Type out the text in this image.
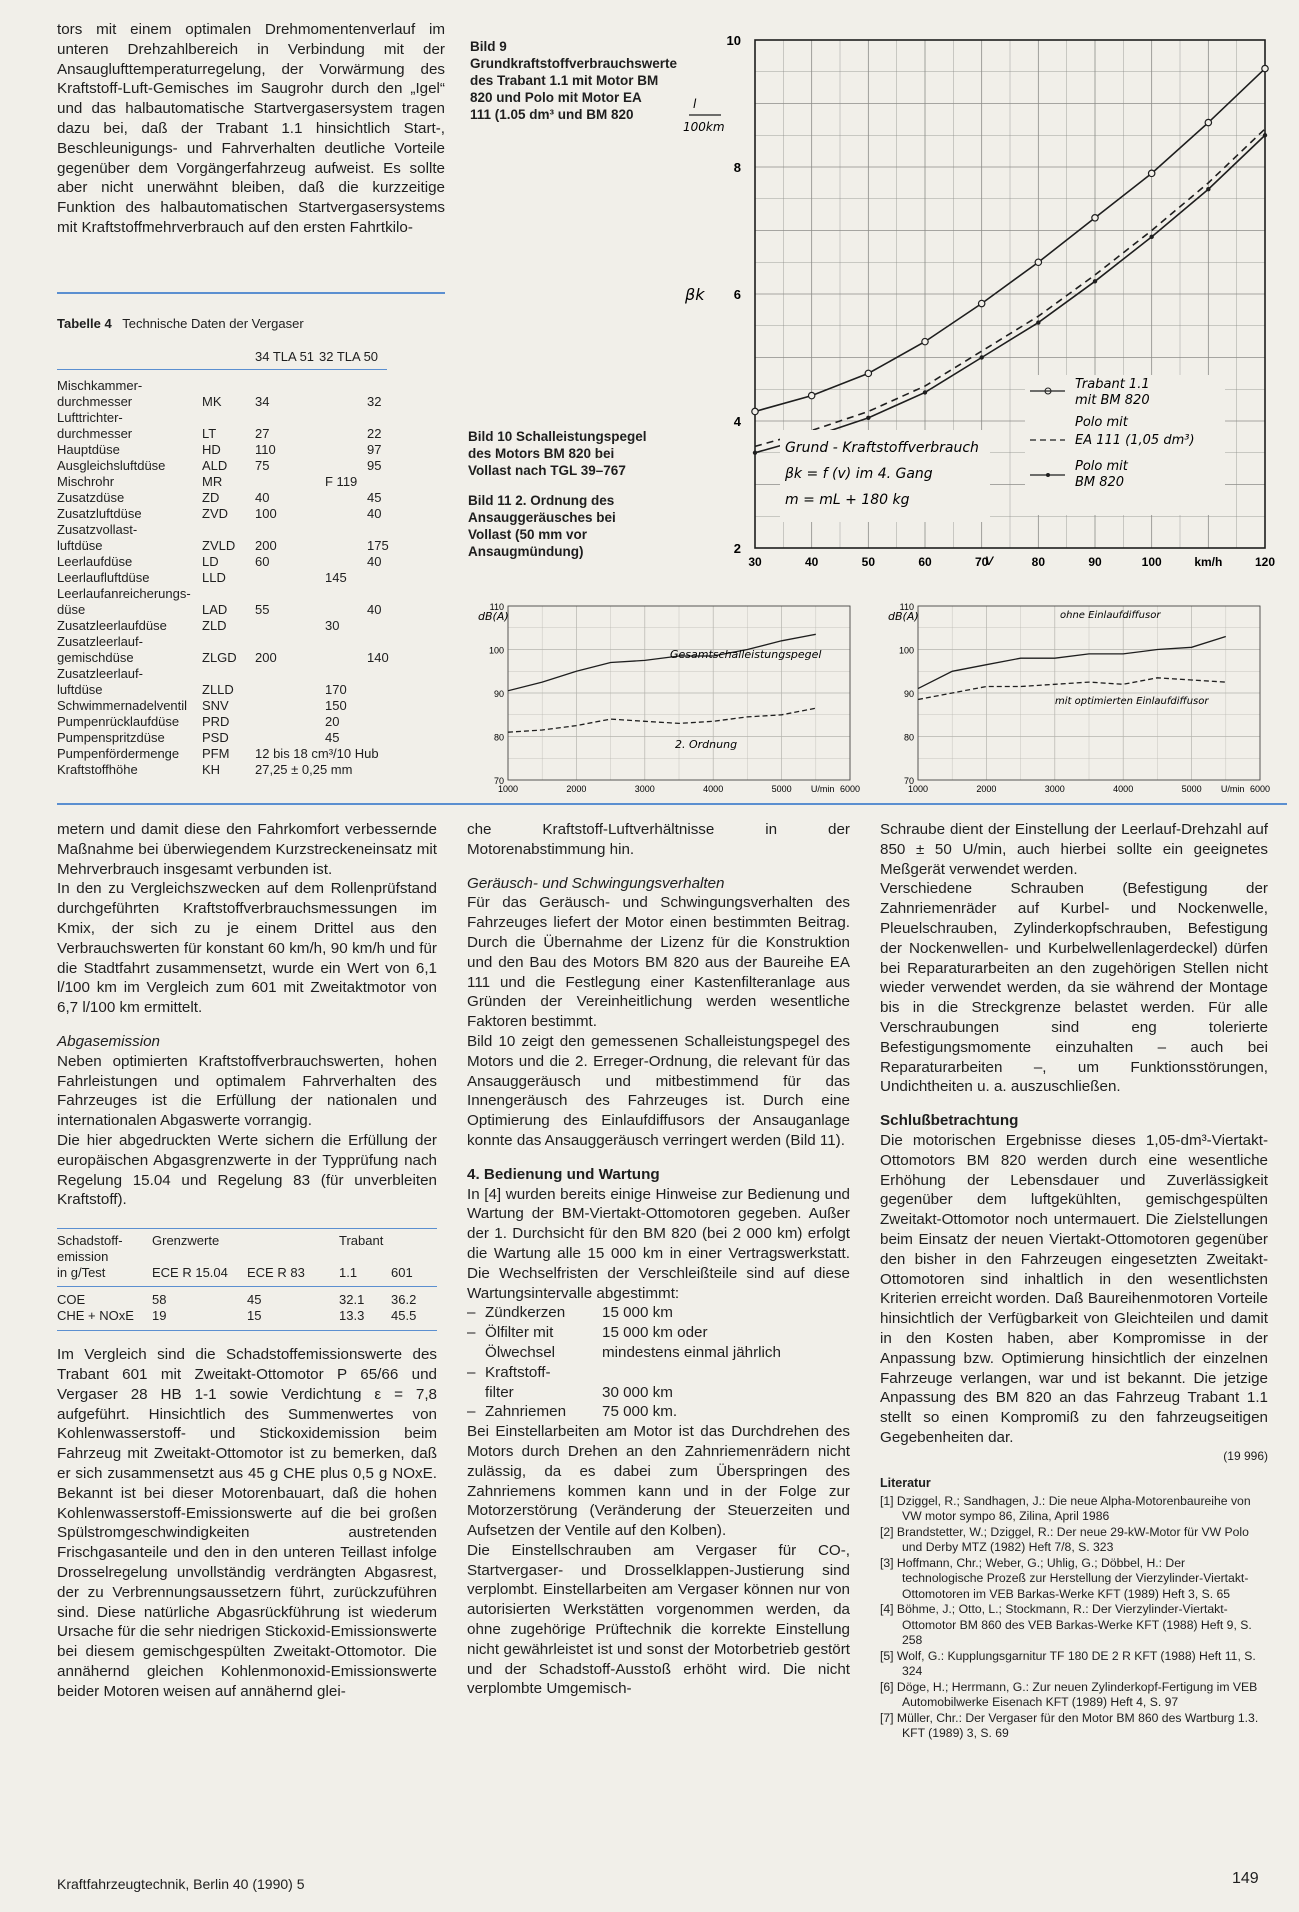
tors mit einem optimalen Drehmomentenverlauf im unteren Drehzahlbereich in Verbindung mit der Ansauglufttemperaturregelung, der Vorwärmung des Kraftstoff-Luft-Gemisches im Saugrohr durch den „Igel“ und das halbautomatische Startvergasersystem tragen dazu bei, daß der Trabant 1.1 hinsichtlich Start-, Beschleunigungs- und Fahrverhalten deutliche Vorteile gegenüber dem Vorgängerfahrzeug aufweist. Es sollte aber nicht unerwähnt bleiben, daß die kurzzeitige Funktion des halbautomatischen Startvergasersystems mit Kraftstoffmehrverbrauch auf den ersten Fahrtkilo-

Tabelle 4 Technische Daten der Vergaser
34 TLA 51 32 TLA 50
Mischkammer-				
durchmesser	MK	34		32
Lufttrichter-				
durchmesser	LT	27		22
Hauptdüse	HD	110		97
Ausgleichsluftdüse	ALD	75		95
Mischrohr	MR		F 119	
Zusatzdüse	ZD	40		45
Zusatzluftdüse	ZVD	100		40
Zusatzvollast-				
luftdüse	ZVLD	200		175
Leerlaufdüse	LD	60		40
Leerlaufluftdüse	LLD		145	
Leerlaufanreicherungs-				
düse	LAD	55		40
Zusatzleerlaufdüse	ZLD		30	
Zusatzleerlauf-				
gemischdüse	ZLGD	200		140
Zusatzleerlauf-				
luftdüse	ZLLD		170	
Schwimmernadelventil	SNV		150	
Pumpenrücklaufdüse	PRD		20	
Pumpenspritzdüse	PSD		45	
Pumpenfördermenge	PFM	12 bis 18 cm³/10 Hub		
Kraftstoffhöhe	KH	27,25 ± 0,25 mm		
Bild 9 Grundkraftstoffverbrauchswerte des Trabant 1.1 mit Motor BM 820 und Polo mit Motor EA 111 (1.05 dm³ und BM 820
Bild 10 Schalleistungspegel des Motors BM 820 bei Vollast nach TGL 39–767
Bild 11 2. Ordnung des Ansauggeräusches bei Vollast (50 mm vor Ansaugmündung)	2
4
6
8
10
30	40	50	60	70	80	90	100	km/h	120
l
100km
βk
v
Grund - Kraftstoffverbrauch
βk = f (v) im 4. Gang
m = mL + 180 kg
Trabant 1.1
mit BM 820
Polo mit
EA 111 (1,05 dm³)
Polo mit
BM 820
110
100
90
80
70
1000	2000	3000	4000	5000 U/min 6000
dB(A)
Gesamtschalleistungspegel
2. Ordnung
110
100
90
80
70
1000	2000	3000	4000	5000 U/min 6000
dB(A)	ohne Einlaufdiffusor
mit optimierten Einlaufdiffusor

metern und damit diese den Fahrkomfort verbessernde Maßnahme bei überwiegendem Kurzstreckeneinsatz mit Mehrverbrauch insgesamt verbunden ist.

In den zu Vergleichszwecken auf dem Rollenprüfstand durchgeführten Kraftstoffverbrauchsmessungen im Kmix, der sich zu je einem Drittel aus den Verbrauchswerten für konstant 60 km/h, 90 km/h und für die Stadtfahrt zusammensetzt, wurde ein Wert von 6,1 l/100 km im Vergleich zum 601 mit Zweitaktmotor von 6,7 l/100 km ermittelt.

Abgasemission

Neben optimierten Kraftstoffverbrauchswerten, hohen Fahrleistungen und optimalem Fahrverhalten des Fahrzeuges ist die Erfüllung der nationalen und internationalen Abgaswerte vorrangig.

Die hier abgedruckten Werte sichern die Erfüllung der europäischen Abgasgrenzwerte in der Typprüfung nach Regelung 15.04 und Regelung 83 (für unverbleiten Kraftstoff).

Schadstoff-	Grenzwerte		Trabant	
emission				
in g/Test	ECE R 15.04	ECE R 83	1.1	601

COE	58	45	32.1	36.2
CHE + NOxE	19	15	13.3	45.5

Im Vergleich sind die Schadstoffemissionswerte des Trabant 601 mit Zweitakt-Ottomotor P 65/66 und Vergaser 28 HB 1-1 sowie Verdichtung ε = 7,8 aufgeführt. Hinsichtlich des Summenwertes von Kohlenwasserstoff- und Stickoxidemission beim Fahrzeug mit Zweitakt-Ottomotor ist zu bemerken, daß er sich zusammensetzt aus 45 g CHE plus 0,5 g NOxE. Bekannt ist bei dieser Motorenbauart, daß die hohen Kohlenwasserstoff-Emissionswerte auf die bei großen Spülstromgeschwindigkeiten austretenden Frischgasanteile und den in den unteren Teillast infolge Drosselregelung unvollständig verdrängten Abgasrest, der zu Verbrennungsaussetzern führt, zurückzuführen sind. Diese natürliche Abgasrückführung ist wiederum Ursache für die sehr niedrigen Stickoxid-Emissionswerte bei diesem gemischgespülten Zweitakt-Ottomotor. Die annähernd gleichen Kohlenmonoxid-Emissionswerte beider Motoren weisen auf annähernd glei-

che Kraftstoff-Luftverhältnisse in der Motorenabstimmung hin.

Geräusch- und Schwingungsverhalten

Für das Geräusch- und Schwingungsverhalten des Fahrzeuges liefert der Motor einen bestimmten Beitrag. Durch die Übernahme der Lizenz für die Konstruktion und den Bau des Motors BM 820 aus der Baureihe EA 111 und die Festlegung einer Kastenfilteranlage aus Gründen der Vereinheitlichung werden wesentliche Faktoren bestimmt.

Bild 10 zeigt den gemessenen Schalleistungspegel des Motors und die 2. Erreger-Ordnung, die relevant für das Ansauggeräusch und mitbestimmend für das Innengeräusch des Fahrzeuges ist. Durch eine Optimierung des Einlaufdiffusors der Ansauganlage konnte das Ansauggeräusch verringert werden (Bild 11).

4. Bedienung und Wartung

In [4] wurden bereits einige Hinweise zur Bedienung und Wartung der BM-Viertakt-Ottomotoren gegeben. Außer der 1. Durchsicht für den BM 820 (bei 2 000 km) erfolgt die Wartung alle 15 000 km in einer Vertragswerkstatt. Die Wechselfristen der Verschleißteile sind auf diese Wartungsintervalle abgestimmt:

– Zündkerzen	15 000 km
– Ölfilter mit	15 000 km oder
Ölwechsel	mindestens einmal jährlich
– Kraftstoff-
filter	30 000 km
– Zahnriemen	75 000 km.

Bei Einstellarbeiten am Motor ist das Durchdrehen des Motors durch Drehen an den Zahnriemenrädern nicht zulässig, da es dabei zum Überspringen des Zahnriemens kommen kann und in der Folge zur Motorzerstörung (Veränderung der Steuerzeiten und Aufsetzen der Ventile auf den Kolben).

Die Einstellschrauben am Vergaser für CO-, Startvergaser- und Drosselklappen-Justierung sind verplombt. Einstellarbeiten am Vergaser können nur von autorisierten Werkstätten vorgenommen werden, da ohne zugehörige Prüftechnik die korrekte Einstellung nicht gewährleistet ist und sonst der Motorbetrieb gestört und der Schadstoff-Ausstoß erhöht wird. Die nicht verplombte Umgemisch-

Schraube dient der Einstellung der Leerlauf-Drehzahl auf 850 ± 50 U/min, auch hierbei sollte ein geeignetes Meßgerät verwendet werden.

Verschiedene Schrauben (Befestigung der Zahnriemenräder auf Kurbel- und Nockenwelle, Pleuelschrauben, Zylinderkopfschrauben, Befestigung der Nockenwellen- und Kurbelwellenlagerdeckel) dürfen bei Reparaturarbeiten an den zugehörigen Stellen nicht wieder verwendet werden, da sie während der Montage bis in die Streckgrenze belastet werden. Für alle Verschraubungen sind eng tolerierte Befestigungsmomente einzuhalten – auch bei Reparaturarbeiten –, um Funktionsstörungen, Undichtheiten u. a. auszuschließen.

Schlußbetrachtung

Die motorischen Ergebnisse dieses 1,05-dm³-Viertakt-Ottomotors BM 820 werden durch eine wesentliche Erhöhung der Lebensdauer und Zuverlässigkeit gegenüber dem luftgekühlten, gemischgespülten Zweitakt-Ottomotor noch untermauert. Die Zielstellungen beim Einsatz der neuen Viertakt-Ottomotoren gegenüber den bisher in den Fahrzeugen eingesetzten Zweitakt-Ottomotoren sind inhaltlich in den wesentlichsten Kriterien erreicht worden. Daß Baureihenmotoren Vorteile hinsichtlich der Verfügbarkeit von Gleichteilen und damit in den Kosten haben, aber Kompromisse in der Anpassung bzw. Optimierung hinsichtlich der einzelnen Fahrzeuge verlangen, war und ist bekannt. Die jetzige Anpassung des BM 820 an das Fahrzeug Trabant 1.1 stellt so einen Kompromiß zu den fahrzeugseitigen Gegebenheiten dar.

(19 996)
Literatur
[1] Dziggel, R.; Sandhagen, J.: Die neue Alpha-Motorenbaureihe von VW motor sympo 86, Zilina, April 1986
[2] Brandstetter, W.; Dziggel, R.: Der neue 29-kW-Motor für VW Polo und Derby MTZ (1982) Heft 7/8, S. 323
[3] Hoffmann, Chr.; Weber, G.; Uhlig, G.; Döbbel, H.: Der technologische Prozeß zur Herstellung der Vierzylinder-Viertakt-Ottomotoren im VEB Barkas-Werke KFT (1989) Heft 3, S. 65
[4] Böhme, J.; Otto, L.; Stockmann, R.: Der Vierzylinder-Viertakt-Ottomotor BM 860 des VEB Barkas-Werke KFT (1988) Heft 9, S. 258
[5] Wolf, G.: Kupplungsgarnitur TF 180 DE 2 R KFT (1988) Heft 11, S. 324
[6] Döge, H.; Herrmann, G.: Zur neuen Zylinderkopf-Fertigung im VEB Automobilwerke Eisenach KFT (1989) Heft 4, S. 97
[7] Müller, Chr.: Der Vergaser für den Motor BM 860 des Wartburg 1.3. KFT (1989) 3, S. 69
Kraftfahrzeugtechnik, Berlin 40 (1990) 5	149
